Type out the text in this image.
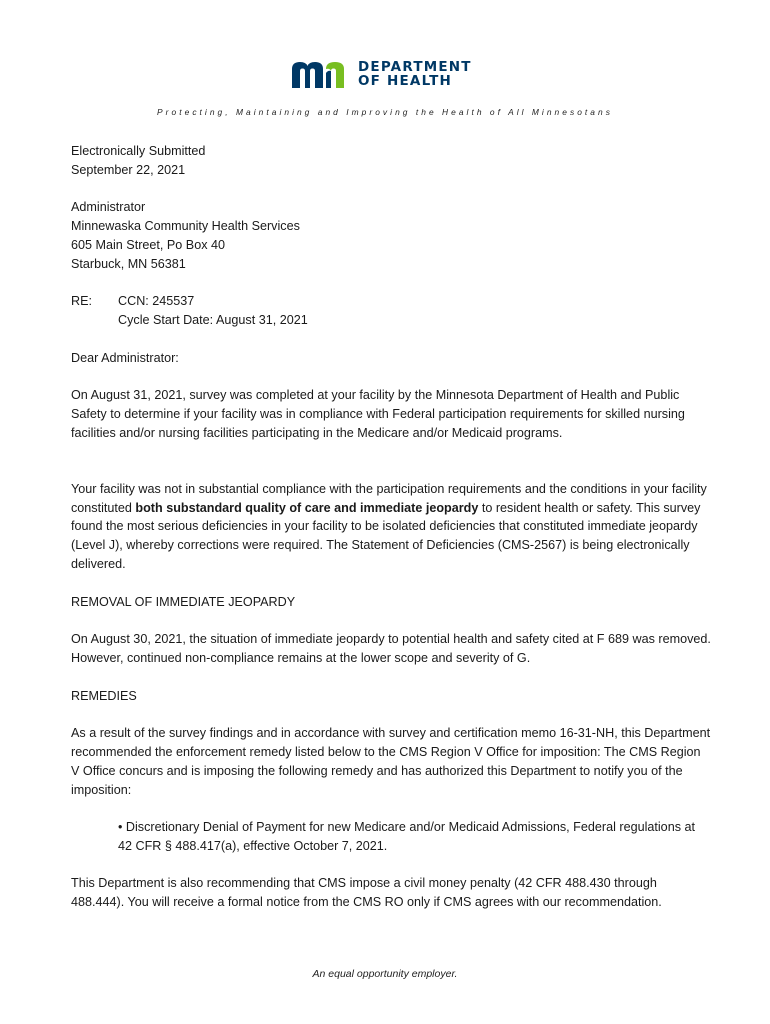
DEPARTMENT
OF HEALTH
Protecting, Maintaining and Improving the Health of All Minnesotans

Electronically Submitted

September 22, 2021

Administrator

Minnewaska Community Health Services

605 Main Street, Po Box 40

Starbuck, MN 56381

RE:	CCN: 245537

Cycle Start Date: August 31, 2021

Dear Administrator:

On August 31, 2021, survey was completed at your facility by the Minnesota Department of Health and Public Safety to determine if your facility was in compliance with Federal participation requirements for skilled nursing facilities and/or nursing facilities participating in the Medicare and/or Medicaid programs.

Your facility was not in substantial compliance with the participation requirements and the conditions in your facility constituted both substandard quality of care and immediate jeopardy to resident health or safety. This survey found the most serious deficiencies in your facility to be isolated deficiencies that constituted immediate jeopardy (Level J), whereby corrections were required. The Statement of Deficiencies (CMS-2567) is being electronically delivered.

REMOVAL OF IMMEDIATE JEOPARDY

On August 30, 2021, the situation of immediate jeopardy to potential health and safety cited at F 689 was removed. However, continued non-compliance remains at the lower scope and severity of G.

REMEDIES

As a result of the survey findings and in accordance with survey and certification memo 16-31-NH, this Department recommended the enforcement remedy listed below to the CMS Region V Office for imposition: The CMS Region V Office concurs and is imposing the following remedy and has authorized this Department to notify you of the imposition:

• Discretionary Denial of Payment for new Medicare and/or Medicaid Admissions, Federal regulations at 42 CFR § 488.417(a), effective October 7, 2021.

This Department is also recommending that CMS impose a civil money penalty (42 CFR 488.430 through 488.444). You will receive a formal notice from the CMS RO only if CMS agrees with our recommendation.

An equal opportunity employer.
